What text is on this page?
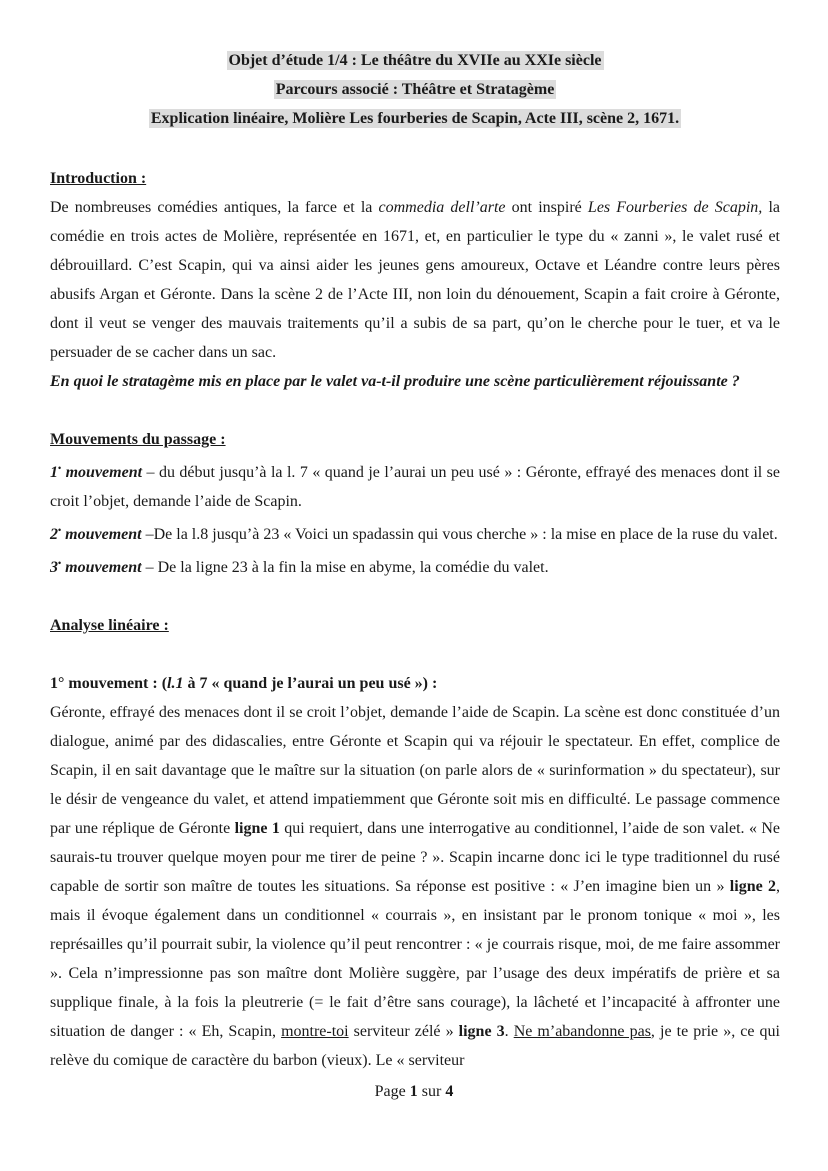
Objet d’étude 1/4 : Le théâtre du XVIIe au XXIe siècle
Parcours associé : Théâtre et Stratagème
Explication linéaire, Molière Les fourberies de Scapin, Acte III, scène 2, 1671.
Introduction :
De nombreuses comédies antiques, la farce et la commedia dell’arte ont inspiré Les Fourberies de Scapin, la comédie en trois actes de Molière, représentée en 1671, et, en particulier le type du « zanni », le valet rusé et débrouillard. C’est Scapin, qui va ainsi aider les jeunes gens amoureux, Octave et Léandre contre leurs pères abusifs Argan et Géronte. Dans la scène 2 de l’Acte III, non loin du dénouement, Scapin a fait croire à Géronte, dont il veut se venger des mauvais traitements qu’il a subis de sa part, qu’on le cherche pour le tuer, et va le persuader de se cacher dans un sac.
En quoi le stratagème mis en place par le valet va-t-il produire une scène particulièrement réjouissante ?
Mouvements du passage :
1• mouvement – du début jusqu’à la l. 7 « quand je l’aurai un peu usé » : Géronte, effrayé des menaces dont il se croit l’objet, demande l’aide de Scapin.
2• mouvement –De la l.8 jusqu’à 23 « Voici un spadassin qui vous cherche » : la mise en place de la ruse du valet.
3• mouvement – De la ligne 23 à la fin la mise en abyme, la comédie du valet.
Analyse linéaire :
1° mouvement : (l.1 à 7 « quand je l’aurai un peu usé ») :
Géronte, effrayé des menaces dont il se croit l’objet, demande l’aide de Scapin. La scène est donc constituée d’un dialogue, animé par des didascalies, entre Géronte et Scapin qui va réjouir le spectateur. En effet, complice de Scapin, il en sait davantage que le maître sur la situation (on parle alors de « surinformation » du spectateur), sur le désir de vengeance du valet, et attend impatiemment que Géronte soit mis en difficulté. Le passage commence par une réplique de Géronte ligne 1 qui requiert, dans une interrogative au conditionnel, l’aide de son valet. « Ne saurais-tu trouver quelque moyen pour me tirer de peine ? ». Scapin incarne donc ici le type traditionnel du rusé capable de sortir son maître de toutes les situations. Sa réponse est positive : « J’en imagine bien un » ligne 2, mais il évoque également dans un conditionnel « courrais », en insistant par le pronom tonique « moi », les représailles qu’il pourrait subir, la violence qu’il peut rencontrer : « je courrais risque, moi, de me faire assommer ». Cela n’impressionne pas son maître dont Molière suggère, par l’usage des deux impératifs de prière et sa supplique finale, à la fois la pleutrerie (= le fait d’être sans courage), la lâcheté et l’incapacité à affronter une situation de danger : « Eh, Scapin, montre-toi serviteur zélé » ligne 3. Ne m’abandonne pas, je te prie », ce qui relève du comique de caractère du barbon (vieux). Le « serviteur
Page 1 sur 4
